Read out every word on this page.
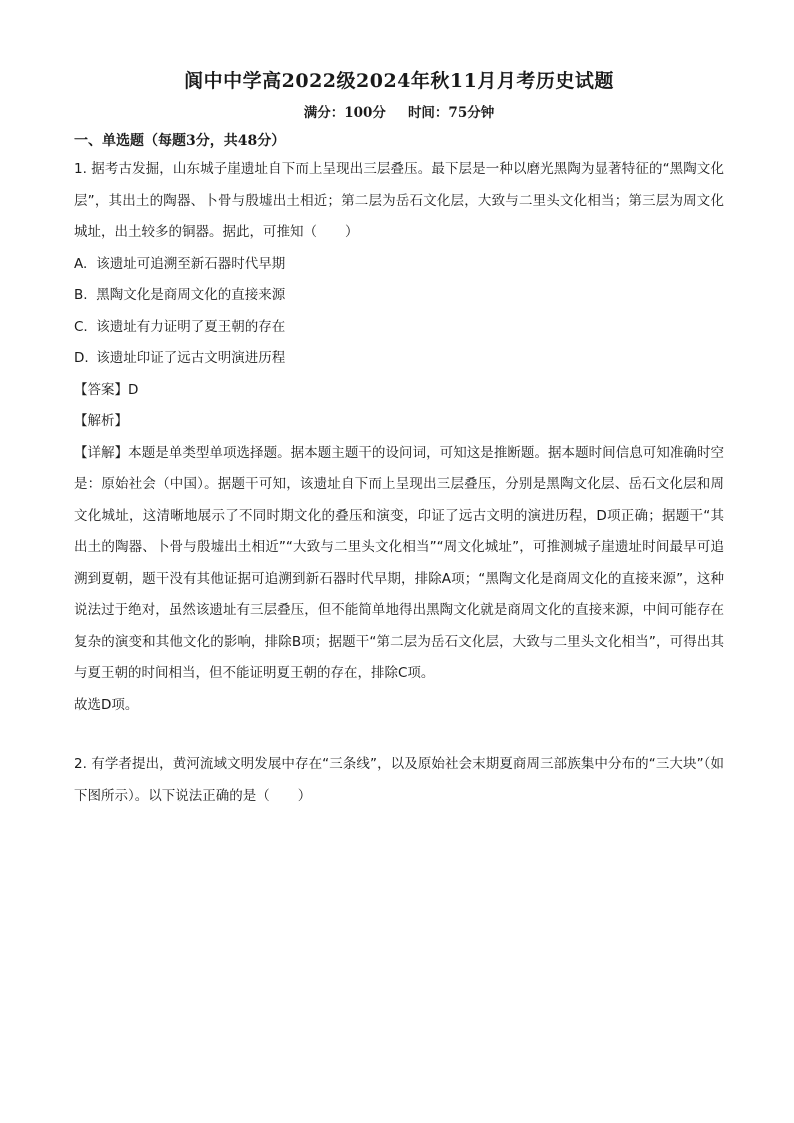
阆中中学高2022级2024年秋11月月考历史试题
满分：100分 时间：75分钟
一、单选题（每题3分，共48分）

1. 据考古发掘，山东城子崖遗址自下而上呈现出三层叠压。最下层是一种以磨光黑陶为显著特征的“黑陶文化层”，其出土的陶器、卜骨与殷墟出土相近；第二层为岳石文化层，大致与二里头文化相当；第三层为周文化城址，出土较多的铜器。据此，可推知（ ）

A. 该遗址可追溯至新石器时代早期
B. 黑陶文化是商周文化的直接来源
C. 该遗址有力证明了夏王朝的存在
D. 该遗址印证了远古文明演进历程
【答案】D
【解析】

【详解】本题是单类型单项选择题。据本题主题干的设问词，可知这是推断题。据本题时间信息可知准确时空是：原始社会（中国）。据题干可知，该遗址自下而上呈现出三层叠压，分别是黑陶文化层、岳石文化层和周文化城址，这清晰地展示了不同时期文化的叠压和演变，印证了远古文明的演进历程，D项正确；据题干“其出土的陶器、卜骨与殷墟出土相近”“大致与二里头文化相当”“周文化城址”，可推测城子崖遗址时间最早可追溯到夏朝，题干没有其他证据可追溯到新石器时代早期，排除A项；“黑陶文化是商周文化的直接来源”，这种说法过于绝对，虽然该遗址有三层叠压，但不能简单地得出黑陶文化就是商周文化的直接来源，中间可能存在复杂的演变和其他文化的影响，排除B项；据题干“第二层为岳石文化层，大致与二里头文化相当”，可得出其与夏王朝的时间相当，但不能证明夏王朝的存在，排除C项。

故选D项。

2. 有学者提出，黄河流域文明发展中存在“三条线”，以及原始社会末期夏商周三部族集中分布的“三大块”（如下图所示）。以下说法正确的是（ ）
